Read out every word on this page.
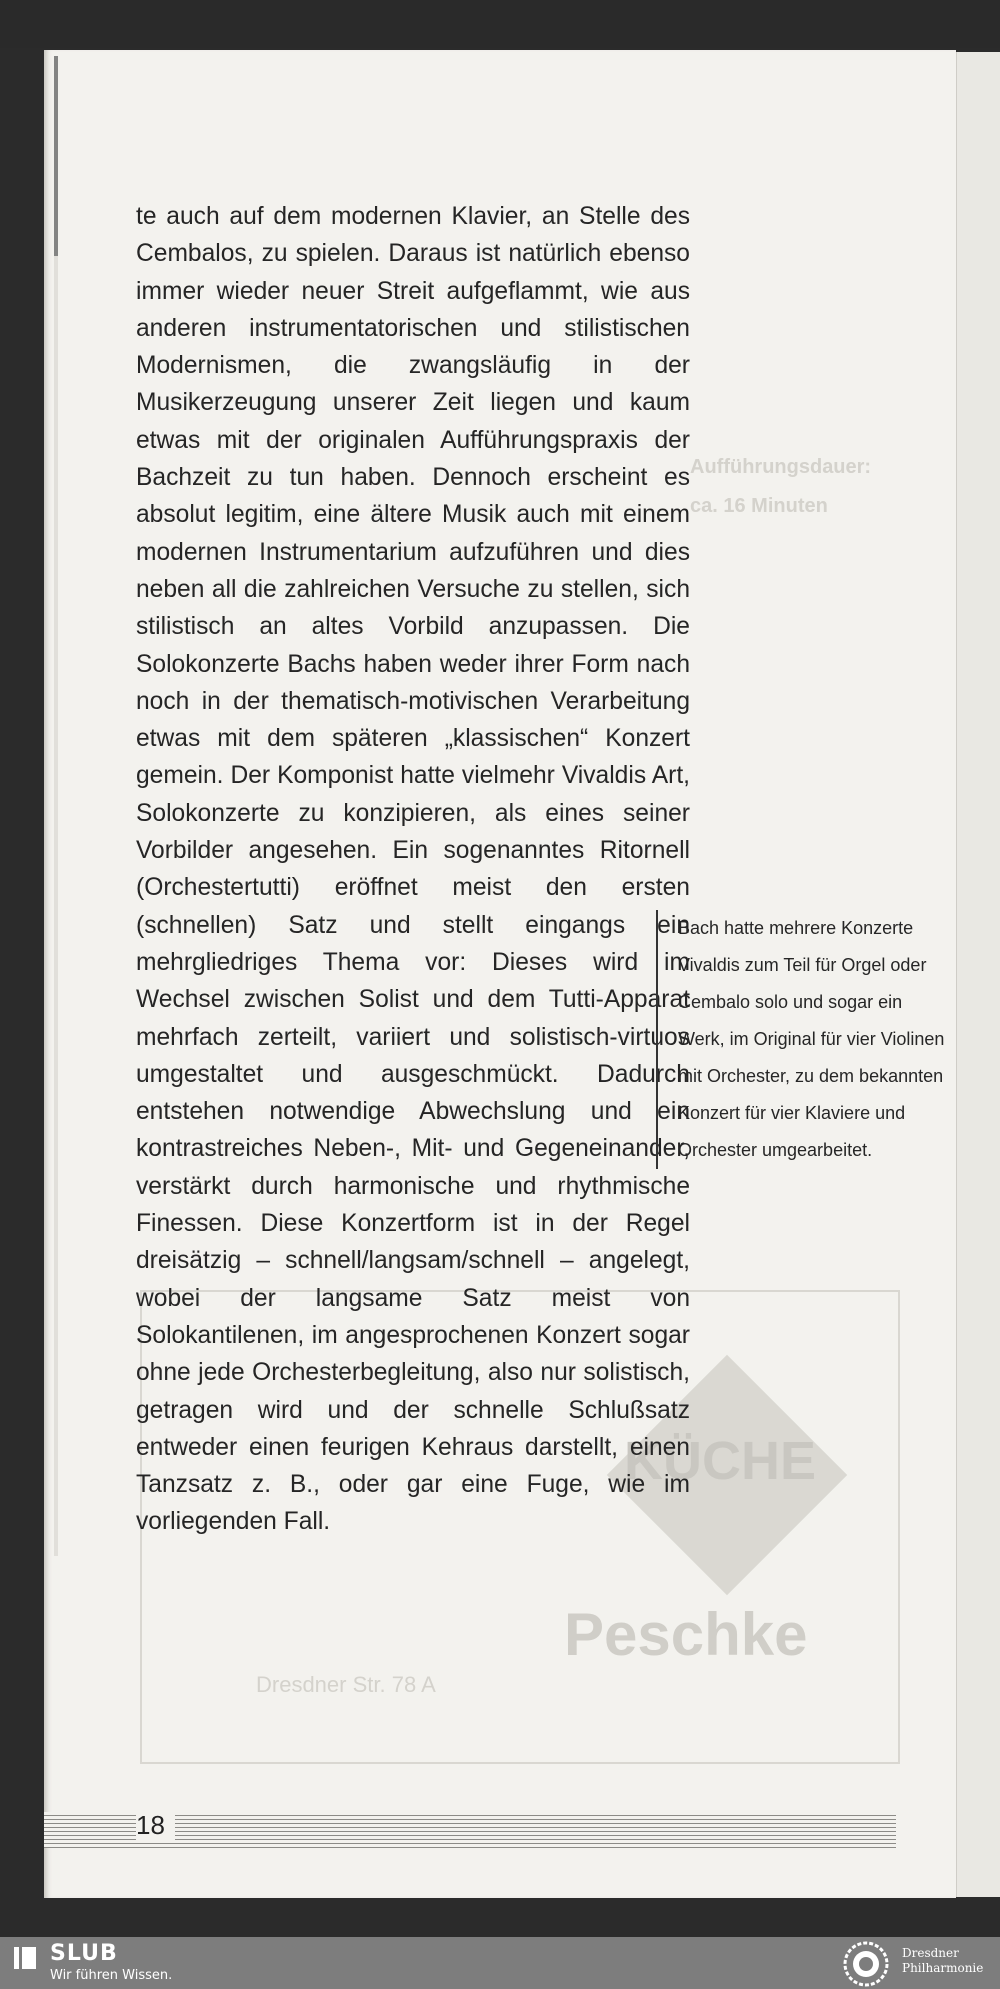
Aufführungsdauer:
ca. 16 Minuten
KÜCHE
Peschke
Dresdner Str. 78 A

te auch auf dem modernen Klavier, an Stelle des Cembalos, zu spielen. Daraus ist natürlich ebenso immer wieder neuer Streit aufgeflammt, wie aus anderen instrumentatorischen und stilistischen Modernismen, die zwangsläufig in der Musikerzeugung unserer Zeit liegen und kaum etwas mit der originalen Aufführungspraxis der Bachzeit zu tun haben. Dennoch erscheint es absolut legitim, eine ältere Musik auch mit einem modernen Instrumentarium aufzuführen und dies neben all die zahlreichen Versuche zu stellen, sich stilistisch an altes Vorbild anzupassen. Die Solokonzerte Bachs haben weder ihrer Form nach noch in der thematisch-motivischen Verarbeitung etwas mit dem späteren „klassischen“ Konzert gemein. Der Komponist hatte vielmehr Vivaldis Art, Solokonzerte zu konzipieren, als eines seiner Vorbilder angesehen. Ein sogenanntes Ritornell (Orchestertutti) eröffnet meist den ersten (schnellen) Satz und stellt eingangs ein mehrgliedriges Thema vor: Dieses wird im Wechsel zwischen Solist und dem Tutti-Apparat mehrfach zerteilt, variiert und solistisch-virtuos umgestaltet und ausgeschmückt. Dadurch entstehen notwendige Abwechslung und ein kontrastreiches Neben-, Mit- und Gegeneinander, verstärkt durch harmonische und rhythmische Finessen. Diese Konzertform ist in der Regel dreisätzig – schnell/langsam/schnell – angelegt, wobei der langsame Satz meist von Solokantilenen, im angesprochenen Konzert sogar ohne jede Orchesterbegleitung, also nur solistisch, getragen wird und der schnelle Schlußsatz entweder einen feurigen Kehraus darstellt, einen Tanzsatz z. B., oder gar eine Fuge, wie im vorliegenden Fall.

Bach hatte mehrere Konzerte Vivaldis zum Teil für Orgel oder Cembalo solo und sogar ein Werk, im Original für vier Violinen mit Orchester, zu dem bekannten Konzert für vier Klaviere und Orchester umgearbeitet.
18
SLUB
Wir führen Wissen.
Dresdner
Philharmonie
